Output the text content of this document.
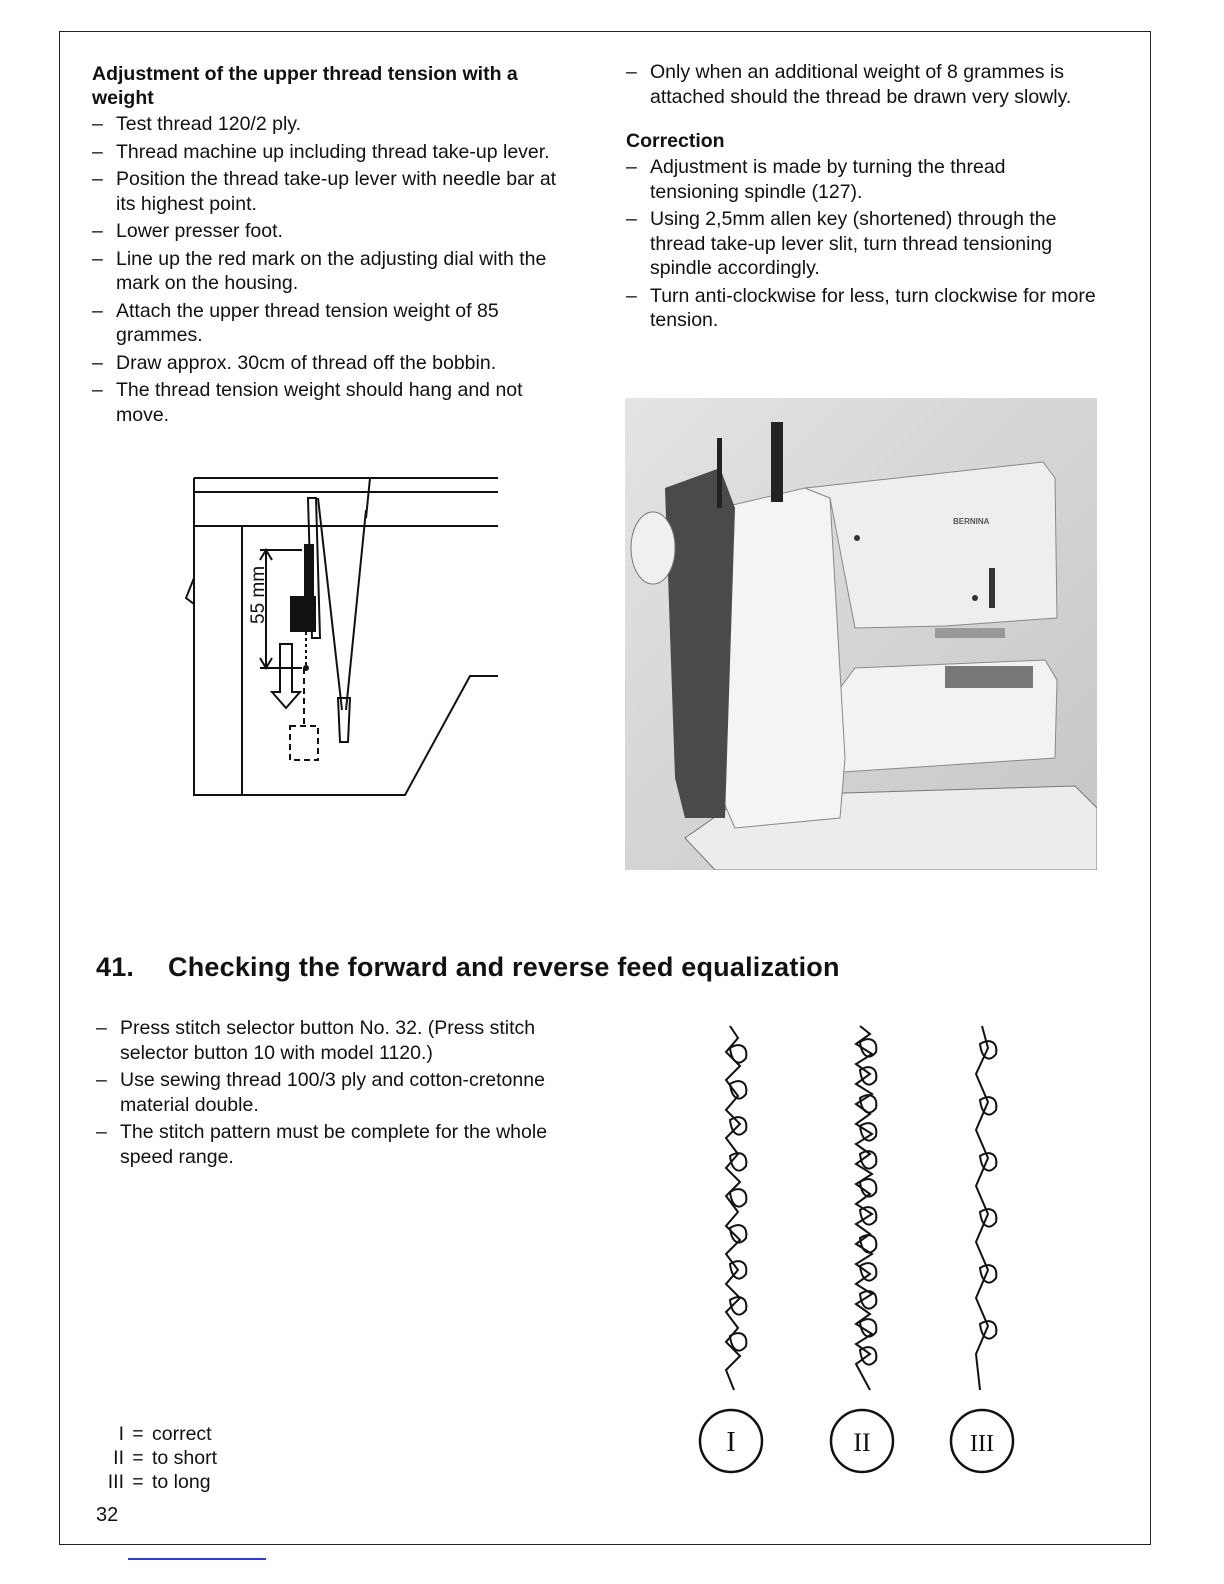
Adjustment of the upper thread tension with a weight
– Test thread 120/2 ply.
– Thread machine up including thread take-up lever.
– Position the thread take-up lever with needle bar at its highest point.
– Lower presser foot.
– Line up the red mark on the adjusting dial with the mark on the housing.
– Attach the upper thread tension weight of 85 grammes.
– Draw approx. 30cm of thread off the bobbin.
– The thread tension weight should hang and not move.
– Only when an additional weight of 8 grammes is attached should the thread be drawn very slowly.
Correction
– Adjustment is made by turning the thread tensioning spindle (127).
– Using 2,5mm allen key (shortened) through the thread take-up lever slit, turn thread tensioning spindle accordingly.
– Turn anti-clockwise for less, turn clockwise for more tension.
55 mm
BERNINA
41. Checking the forward and reverse feed equalization
– Press stitch selector button No. 32. (Press stitch selector button 10 with model 1120.)
– Use sewing thread 100/3 ply and cotton-cretonne material double.
– The stitch pattern must be complete for the whole speed range.
I	II	III
I = correct
II = to short
III = to long
32
